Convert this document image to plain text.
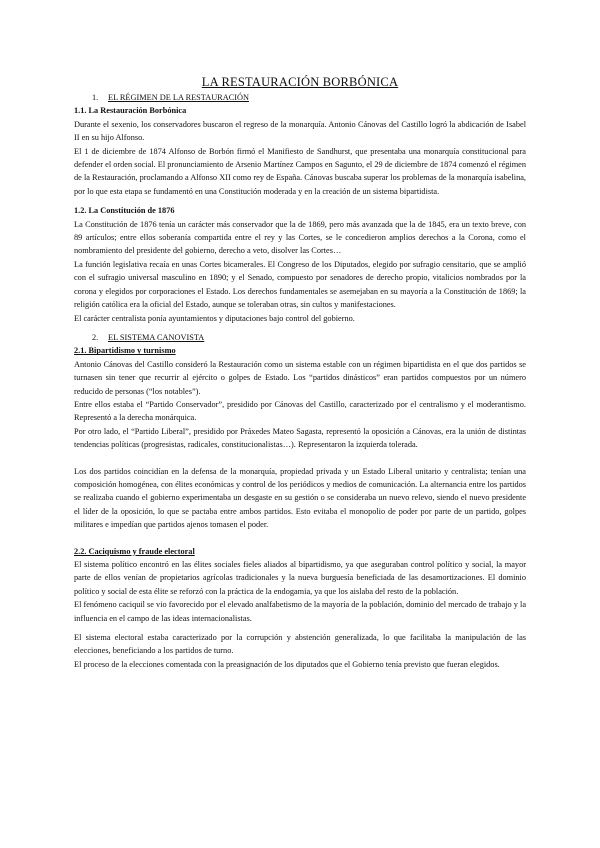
LA RESTAURACIÓN BORBÓNICA
1. EL RÉGIMEN DE LA RESTAURACIÓN
1.1. La Restauración Borbónica

Durante el sexenio, los conservadores buscaron el regreso de la monarquía. Antonio Cánovas del Castillo logró la abdicación de Isabel II en su hijo Alfonso.

El 1 de diciembre de 1874 Alfonso de Borbón firmó el Manifiesto de Sandhurst, que presentaba una monarquía constitucional para defender el orden social. El pronunciamiento de Arsenio Martínez Campos en Sagunto, el 29 de diciembre de 1874 comenzó el régimen de la Restauración, proclamando a Alfonso XII como rey de España. Cánovas buscaba superar los problemas de la monarquía isabelina, por lo que esta etapa se fundamentó en una Constitución moderada y en la creación de un sistema bipartidista.

1.2. La Constitución de 1876

La Constitución de 1876 tenía un carácter más conservador que la de 1869, pero más avanzada que la de 1845, era un texto breve, con 89 artículos; entre ellos soberanía compartida entre el rey y las Cortes, se le concedieron amplios derechos a la Corona, como el nombramiento del presidente del gobierno, derecho a veto, disolver las Cortes…

La función legislativa recaía en unas Cortes bicamerales. El Congreso de los Diputados, elegido por sufragio censitario, que se amplió con el sufragio universal masculino en 1890; y el Senado, compuesto por senadores de derecho propio, vitalicios nombrados por la corona y elegidos por corporaciones el Estado. Los derechos fundamentales se asemejaban en su mayoría a la Constitución de 1869; la religión católica era la oficial del Estado, aunque se toleraban otras, sin cultos y manifestaciones.

El carácter centralista ponía ayuntamientos y diputaciones bajo control del gobierno.

2. EL SISTEMA CANOVISTA
2.1. Bipartidismo y turnismo

Antonio Cánovas del Castillo consideró la Restauración como un sistema estable con un régimen bipartidista en el que dos partidos se turnasen sin tener que recurrir al ejército o golpes de Estado. Los “partidos dinásticos” eran partidos compuestos por un número reducido de personas (“los notables”).

Entre ellos estaba el “Partido Conservador”, presidido por Cánovas del Castillo, caracterizado por el centralismo y el moderantismo. Representó a la derecha monárquica.

Por otro lado, el “Partido Liberal”, presidido por Práxedes Mateo Sagasta, representó la oposición a Cánovas, era la unión de distintas tendencias políticas (progresistas, radicales, constitucionalistas…). Representaron la izquierda tolerada.

Los dos partidos coincidían en la defensa de la monarquía, propiedad privada y un Estado Liberal unitario y centralista; tenían una composición homogénea, con élites económicas y control de los periódicos y medios de comunicación. La alternancia entre los partidos se realizaba cuando el gobierno experimentaba un desgaste en su gestión o se consideraba un nuevo relevo, siendo el nuevo presidente el líder de la oposición, lo que se pactaba entre ambos partidos. Esto evitaba el monopolio de poder por parte de un partido, golpes militares e impedían que partidos ajenos tomasen el poder.

2.2. Caciquismo y fraude electoral

El sistema político encontró en las élites sociales fieles aliados al bipartidismo, ya que aseguraban control político y social, la mayor parte de ellos venían de propietarios agrícolas tradicionales y la nueva burguesía beneficiada de las desamortizaciones. El dominio político y social de esta élite se reforzó con la práctica de la endogamia, ya que los aislaba del resto de la población.

El fenómeno caciquil se vio favorecido por el elevado analfabetismo de la mayoría de la población, dominio del mercado de trabajo y la influencia en el campo de las ideas internacionalistas.

El sistema electoral estaba caracterizado por la corrupción y abstención generalizada, lo que facilitaba la manipulación de las elecciones, beneficiando a los partidos de turno.

El proceso de la elecciones comentada con la preasignación de los diputados que el Gobierno tenía previsto que fueran elegidos.
